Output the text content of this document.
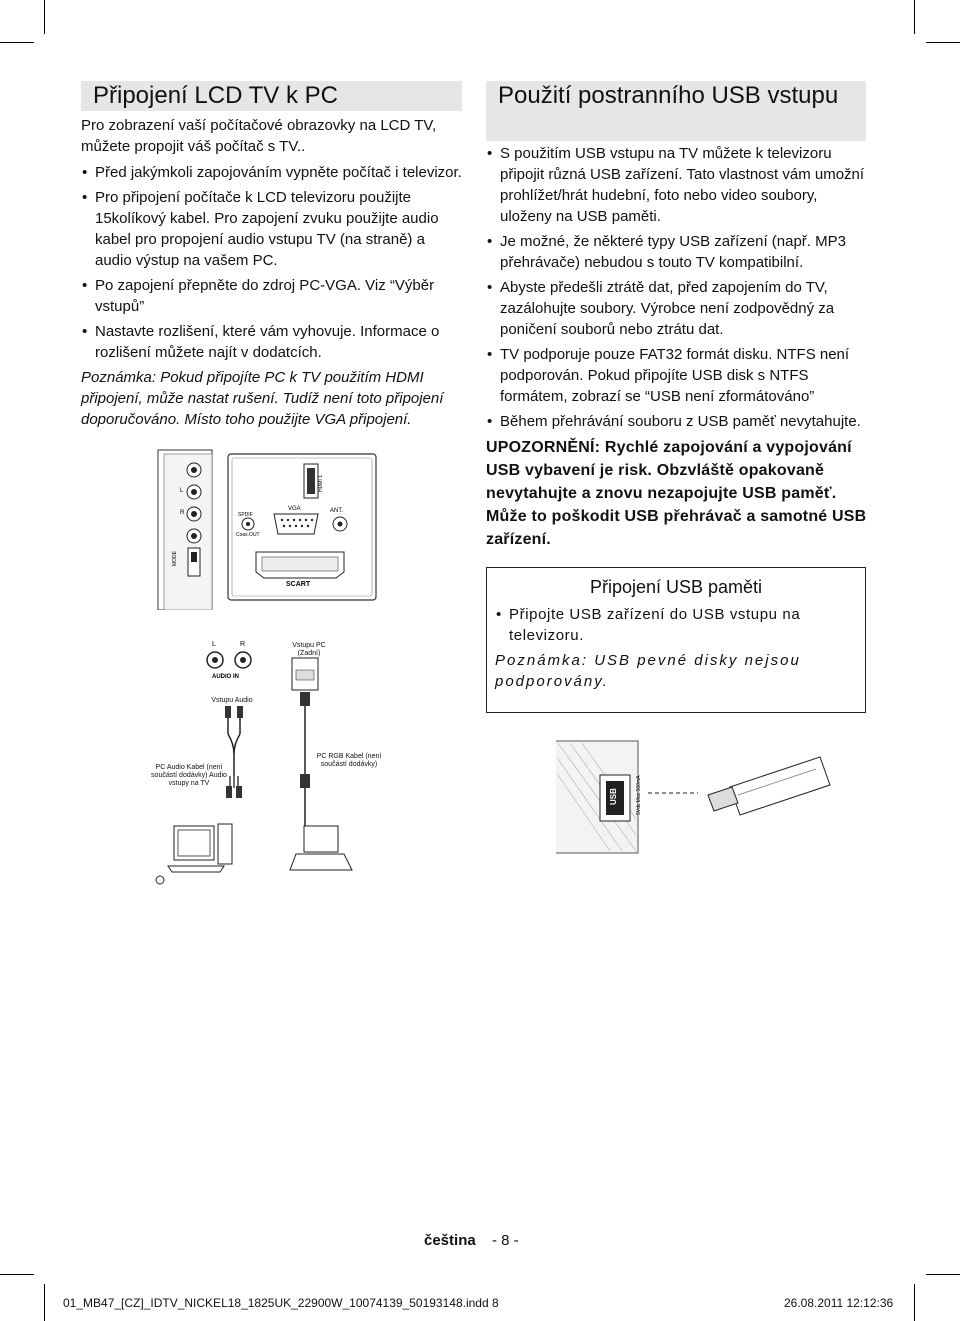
Připojení LCD TV k PC

Pro zobrazení vaší počítačové obrazovky na LCD TV, můžete propojit váš počítač s TV..

• Před jakýmkoli zapojováním vypněte počítač i televizor.
• Pro připojení počítače k LCD televizoru použijte 15kolíkový kabel. Pro zapojení zvuku použijte audio kabel pro propojení audio vstupu TV (na straně) a audio výstup na vašem PC.
• Po zapojení přepněte do zdroj PC-VGA. Viz “Výběr vstupů”
• Nastavte rozlišení, které vám vyhovuje. Informace o rozlišení můžete najít v dodatcích.

Poznámka: Pokud připojíte PC k TV použitím HDMI připojení, může nastat rušení. Tudíž není toto připojení doporučováno. Místo toho použijte VGA připojení.

Použití postranního USB vstupu
• S použitím USB vstupu na TV můžete k televizoru připojit různá USB zařízení. Tato vlastnost vám umožní prohlížet/hrát hudební, foto nebo video soubory, uloženy na USB paměti.
• Je možné, že některé typy USB zařízení (např. MP3 přehrávače) nebudou s touto TV kompatibilní.
• Abyste předešli ztrátě dat, před zapojením do TV, zazálohujte soubory. Výrobce není zodpovědný za poničení souborů nebo ztrátu dat.
• TV podporuje pouze FAT32 formát disku. NTFS není podporován. Pokud připojíte USB disk s NTFS formátem, zobrazí se “USB není zformátováno”
• Během přehrávání souboru z USB paměť nevytahujte.

UPOZORNĚNÍ: Rychlé zapojování a vypojování USB vybavení je risk. Obzvláště opakovaně nevytahujte a znovu nezapojujte USB paměť. Může to poškodit USB přehrávač a samotné USB zařízení.

Připojení USB paměti
• Připojte USB zařízení do USB vstupu na televizoru.

Poznámka: USB pevné disky nejsou podporovány.

L
R
MODE
HDMI 1
VGA
SPDIF
Coax.OUT
ANT.
SCART
L	R
AUDIO IN
Vstupu PC (Zadní)
Vstupu Audio
PC Audio Kabel (není součástí dodávky) Audio vstupy na TV
PC RGB Kabel (není součástí dodávky)
USB	5Vdc Max 500mA
čeština - 8 -
01_MB47_[CZ]_IDTV_NICKEL18_1825UK_22900W_10074139_50193148.indd 8	26.08.2011 12:12:36
